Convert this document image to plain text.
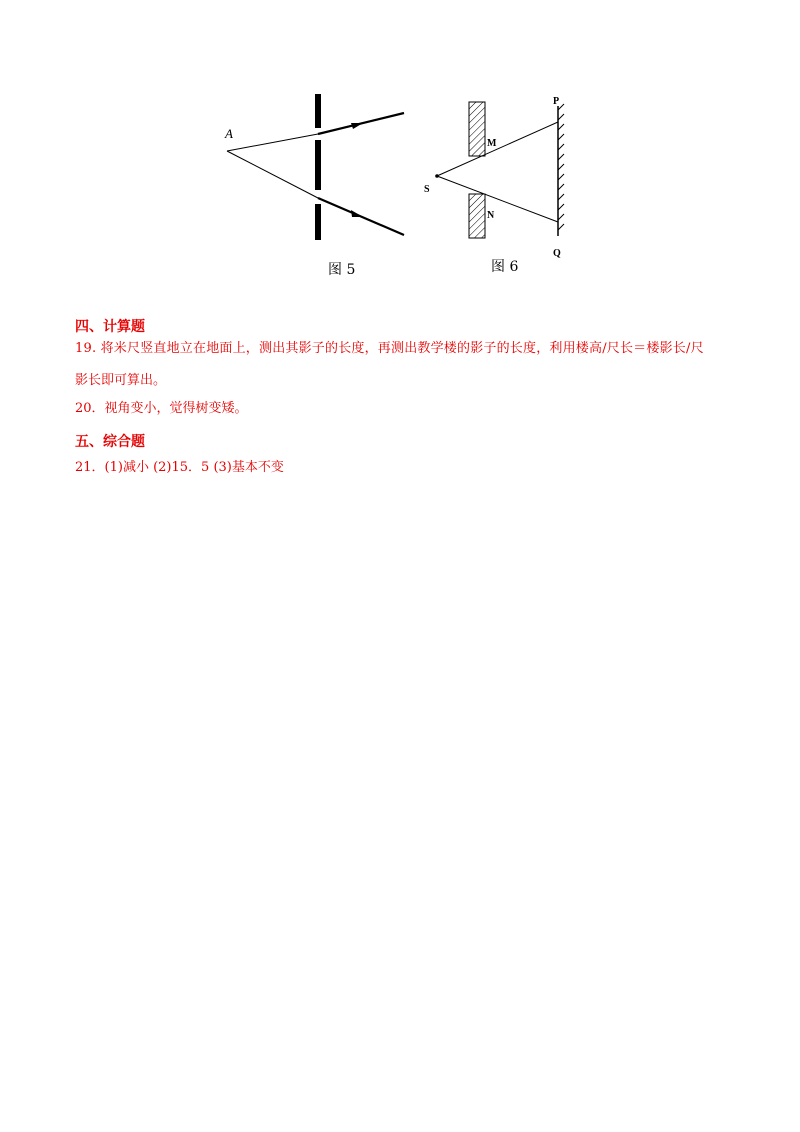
A
图 5
S
M
N
P
Q
图 6
四、计算题
19. 将米尺竖直地立在地面上，测出其影子的长度，再测出教学楼的影子的长度，利用楼高/尺长＝楼影长/尺
影长即可算出。
20．视角变小，觉得树变矮。
五、综合题
21．(1)减小 (2)15．5 (3)基本不变
